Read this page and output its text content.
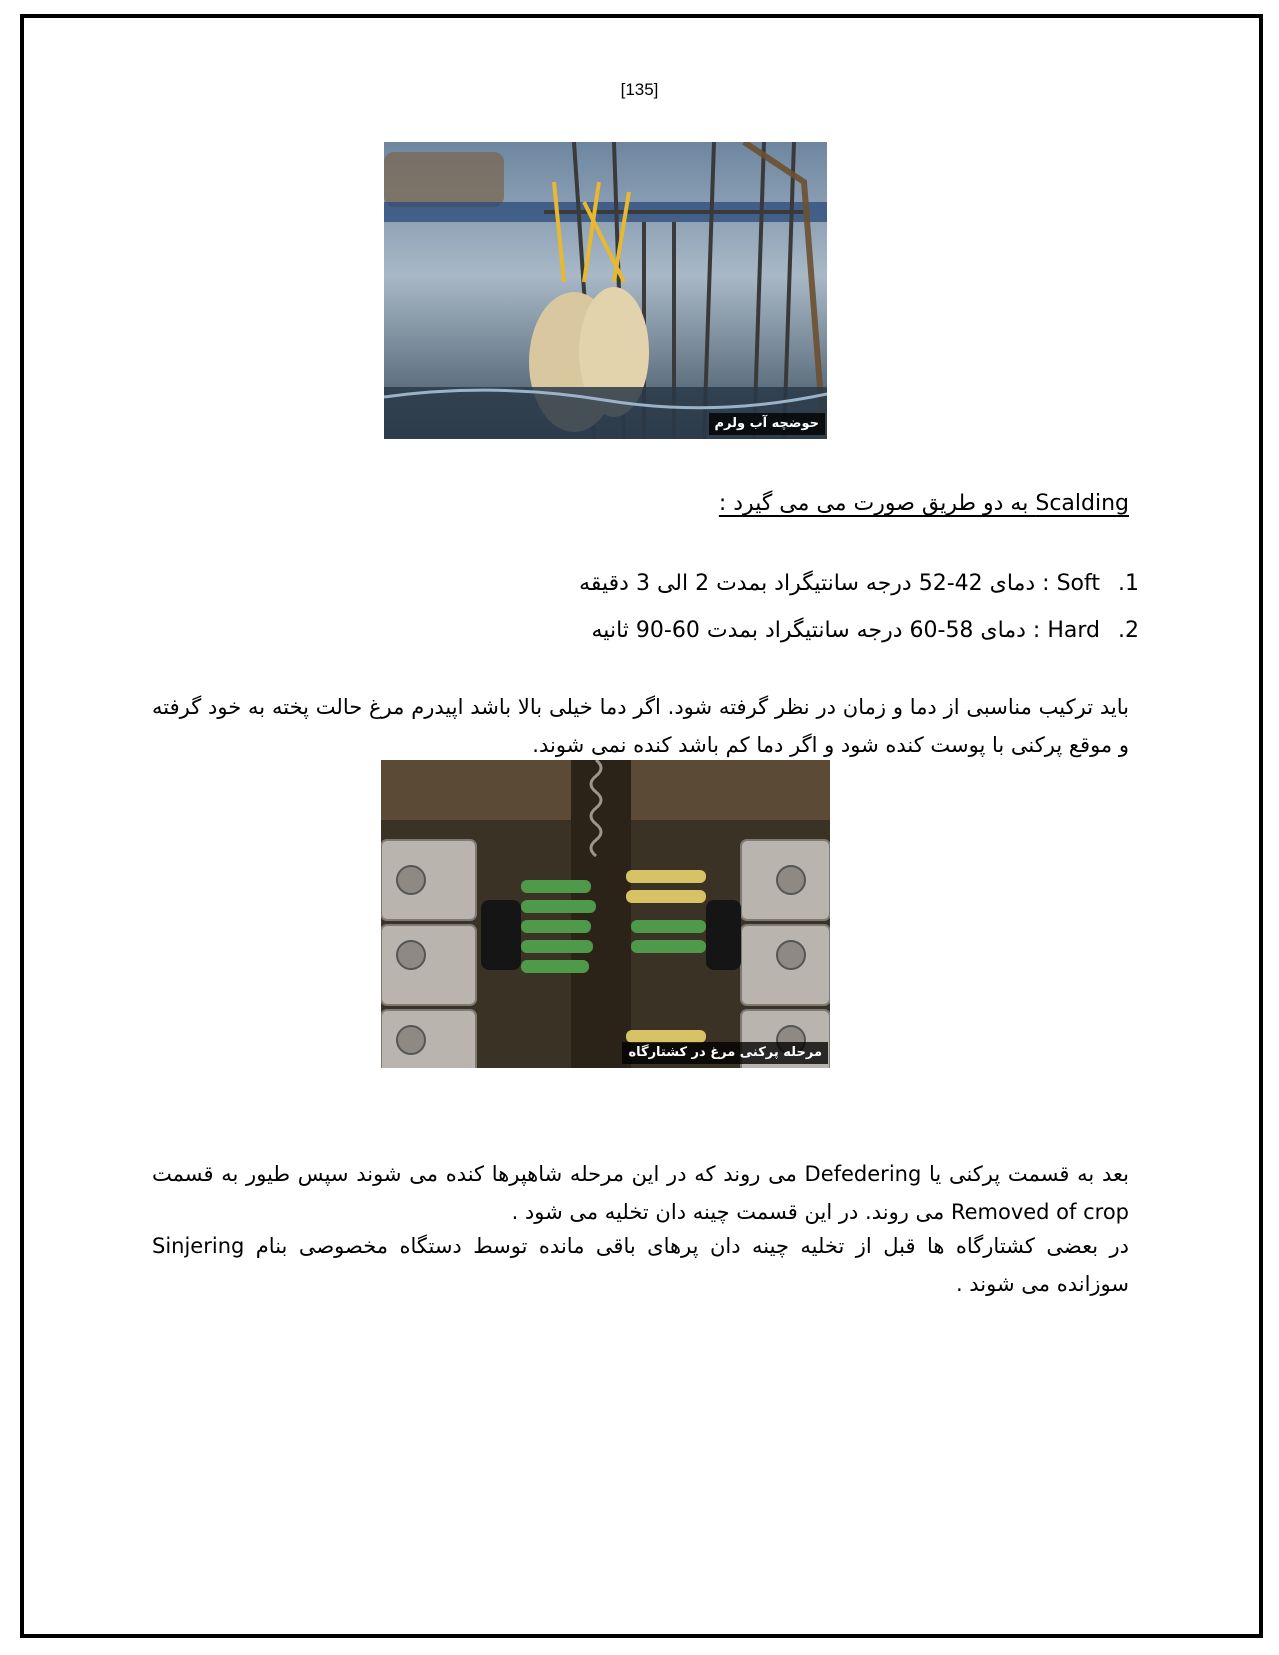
[135]
حوضچه آب ولرم
Scalding به دو طریق صورت می می گیرد :
1. Soft : دمای 42-52 درجه سانتیگراد بمدت 2 الی 3 دقیقه
2. Hard : دمای 58-60 درجه سانتیگراد بمدت 60-90 ثانیه
باید ترکیب مناسبی از دما و زمان در نظر گرفته شود. اگر دما خیلی بالا باشد اپیدرم مرغ حالت پخته به خود گرفته و موقع پرکنی با پوست کنده شود و اگر دما کم باشد کنده نمی شوند.
مرحله پرکنی مرغ در کشتارگاه
بعد به قسمت پرکنی یا Defedering می روند که در این مرحله شاهپرها کنده می شوند سپس طیور به قسمت Removed of crop می روند. در این قسمت چینه دان تخلیه می شود .
در بعضی کشتارگاه ها قبل از تخلیه چینه دان پرهای باقی مانده توسط دستگاه مخصوصی بنام Sinjering سوزانده می شوند .
